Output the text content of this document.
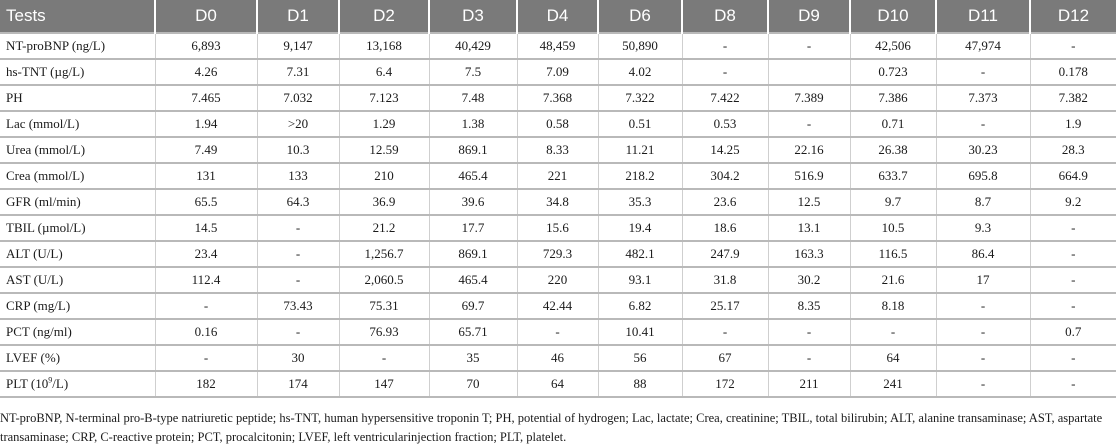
Tests	D0	D1	D2	D3	D4	D6	D8	D9	D10	D11	D12
NT-proBNP (ng/L)	6,893	9,147	13,168	40,429	48,459	50,890	-	-	42,506	47,974	-
hs-TNT (µg/L)	4.26	7.31	6.4	7.5	7.09	4.02	-		0.723	-	0.178
PH	7.465	7.032	7.123	7.48	7.368	7.322	7.422	7.389	7.386	7.373	7.382
Lac (mmol/L)	1.94	>20	1.29	1.38	0.58	0.51	0.53	-	0.71	-	1.9
Urea (mmol/L)	7.49	10.3	12.59	869.1	8.33	11.21	14.25	22.16	26.38	30.23	28.3
Crea (mmol/L)	131	133	210	465.4	221	218.2	304.2	516.9	633.7	695.8	664.9
GFR (ml/min)	65.5	64.3	36.9	39.6	34.8	35.3	23.6	12.5	9.7	8.7	9.2
TBIL (µmol/L)	14.5	-	21.2	17.7	15.6	19.4	18.6	13.1	10.5	9.3	-
ALT (U/L)	23.4	-	1,256.7	869.1	729.3	482.1	247.9	163.3	116.5	86.4	-
AST (U/L)	112.4	-	2,060.5	465.4	220	93.1	31.8	30.2	21.6	17	-
CRP (mg/L)	-	73.43	75.31	69.7	42.44	6.82	25.17	8.35	8.18	-	-
PCT (ng/ml)	0.16	-	76.93	65.71	-	10.41	-	-	-	-	0.7
LVEF (%)	-	30	-	35	46	56	67	-	64	-	-
PLT $(10^9/L)$	182	174	147	70	64	88	172	211	241	-	-

NT-proBNP, N-terminal pro-B-type natriuretic peptide; hs-TNT, human hypersensitive troponin T; PH, potential of hydrogen; Lac, lactate; Crea, creatinine; TBIL, total bilirubin; ALT, alanine transaminase; AST, aspartate transaminase; CRP, C-reactive protein; PCT, procalcitonin; LVEF, left ventricularinjection fraction; PLT, platelet.
